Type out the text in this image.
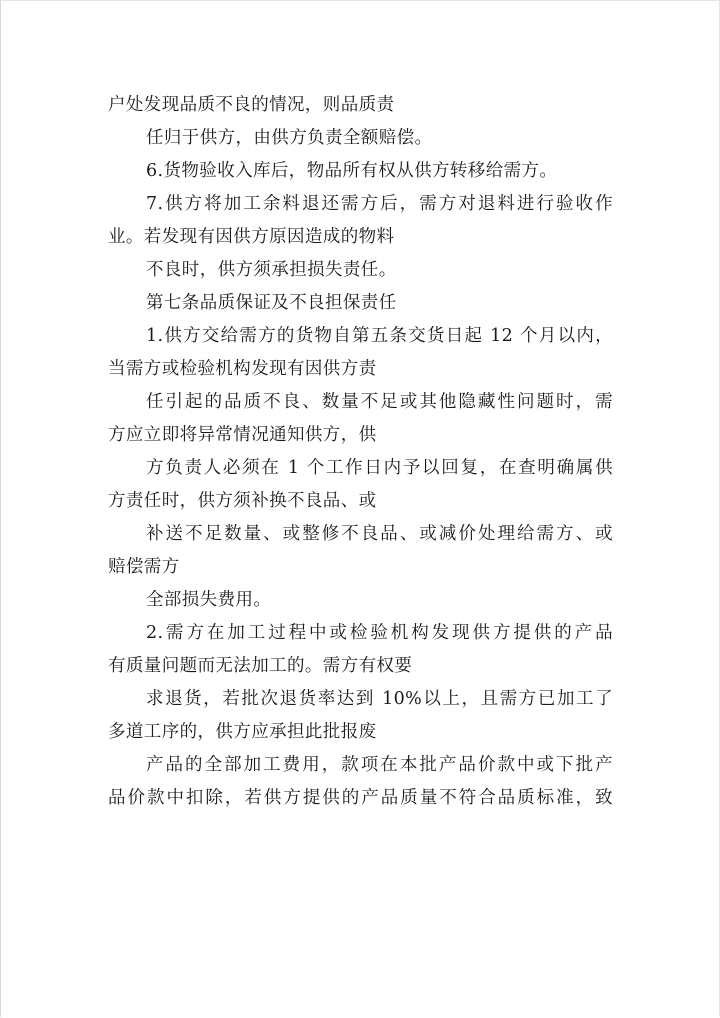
户处发现品质不良的情况，则品质责
任归于供方，由供方负责全额赔偿。
6.货物验收入库后，物品所有权从供方转移给需方。
7.供方将加工余料退还需方后，需方对退料进行验收作
业。若发现有因供方原因造成的物料
不良时，供方须承担损失责任。
第七条品质保证及不良担保责任
1.供方交给需方的货物自第五条交货日起 12 个月以内，
当需方或检验机构发现有因供方责
任引起的品质不良、数量不足或其他隐藏性问题时，需
方应立即将异常情况通知供方，供
方负责人必须在 1 个工作日内予以回复，在查明确属供
方责任时，供方须补换不良品、或
补送不足数量、或整修不良品、或减价处理给需方、或
赔偿需方
全部损失费用。
2.需方在加工过程中或检验机构发现供方提供的产品
有质量问题而无法加工的。需方有权要
求退货，若批次退货率达到 10%以上，且需方已加工了
多道工序的，供方应承担此批报废
产品的全部加工费用，款项在本批产品价款中或下批产
品价款中扣除，若供方提供的产品质量不符合品质标准，致
